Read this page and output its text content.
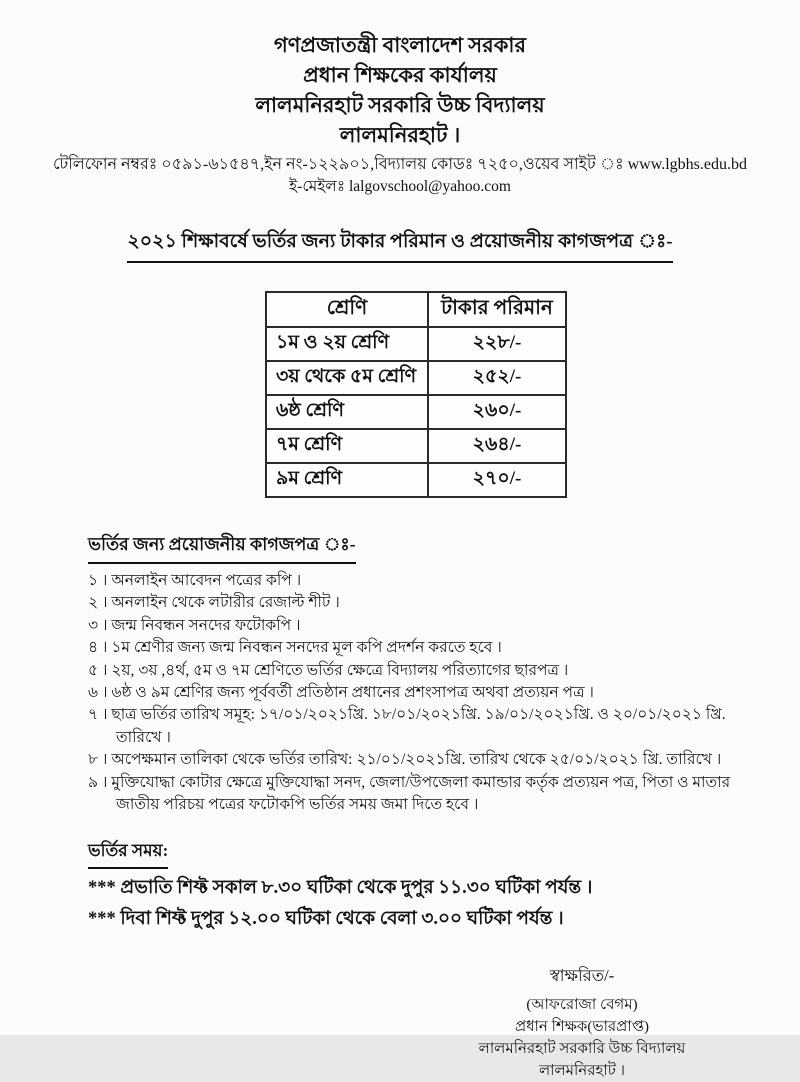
গণপ্রজাতন্ত্রী বাংলাদেশ সরকার
প্রধান শিক্ষকের কার্যালয়
লালমনিরহাট সরকারি উচ্চ বিদ্যালয়
লালমনিরহাট ।
টেলিফোন নম্বরঃ ০৫৯১-৬১৫৪৭,ইন নং-১২২৯০১,বিদ্যালয় কোডঃ ৭২৫০,ওয়েব সাইট ঃ www.lgbhs.edu.bd
ই-মেইলঃ lalgovschool@yahoo.com
২০২১ শিক্ষাবর্ষে ভর্তির জন্য টাকার পরিমান ও প্রয়োজনীয় কাগজপত্র ঃ-
শ্রেণি	টাকার পরিমান
১ম ও ২য় শ্রেণি	২২৮/-
৩য় থেকে ৫ম শ্রেণি	২৫২/-
৬ষ্ঠ শ্রেণি	২৬০/-
৭ম শ্রেণি	২৬৪/-
৯ম শ্রেণি	২৭০/-
ভর্তির জন্য প্রয়োজনীয় কাগজপত্র ঃ-
১ । অনলাইন আবেদন পত্রের কপি ।
২ । অনলাইন থেকে লটারীর রেজাল্ট শীট ।
৩ । জন্ম নিবন্ধন সনদের ফটোকপি ।
৪ । ১ম শ্রেণীর জন্য জন্ম নিবন্ধন সনদের মূল কপি প্রদর্শন করতে হবে ।
৫ । ২য়, ৩য় ,৪র্থ, ৫ম ও ৭ম শ্রেণিতে ভর্তির ক্ষেত্রে বিদ্যালয় পরিত্যাগের ছারপত্র ।
৬ । ৬ষ্ঠ ও ৯ম শ্রেণির জন্য পূর্ববর্তী প্রতিষ্ঠান প্রধানের প্রশংসাপত্র অথবা প্রত্যয়ন পত্র ।
৭ । ছাত্র ভর্তির তারিখ সমূহ: ১৭/০১/২০২১খ্রি. ১৮/০১/২০২১খ্রি. ১৯/০১/২০২১খ্রি. ও ২০/০১/২০২১ খ্রি. তারিখে ।
৮ । অপেক্ষমান তালিকা থেকে ভর্তির তারিখ: ২১/০১/২০২১খ্রি. তারিখ থেকে ২৫/০১/২০২১ খ্রি. তারিখে ।
৯ । মুক্তিযোদ্ধা কোটার ক্ষেত্রে মুক্তিযোদ্ধা সনদ, জেলা/উপজেলা কমান্ডার কর্তৃক প্রত্যয়ন পত্র, পিতা ও মাতার জাতীয় পরিচয় পত্রের ফটোকপি ভর্তির সময় জমা দিতে হবে ।
ভর্তির সময়:
*** প্রভাতি শিফ্ট সকাল ৮.৩০ ঘটিকা থেকে দুপুর ১১.৩০ ঘটিকা পর্যন্ত ।
*** দিবা শিফ্ট দুপুর ১২.০০ ঘটিকা থেকে বেলা ৩.০০ ঘটিকা পর্যন্ত ।
স্বাক্ষরিত/-
(আফরোজা বেগম)
প্রধান শিক্ষক(ভারপ্রাপ্ত)
লালমনিরহাট সরকারি উচ্চ বিদ্যালয়
লালমনিরহাট ।
